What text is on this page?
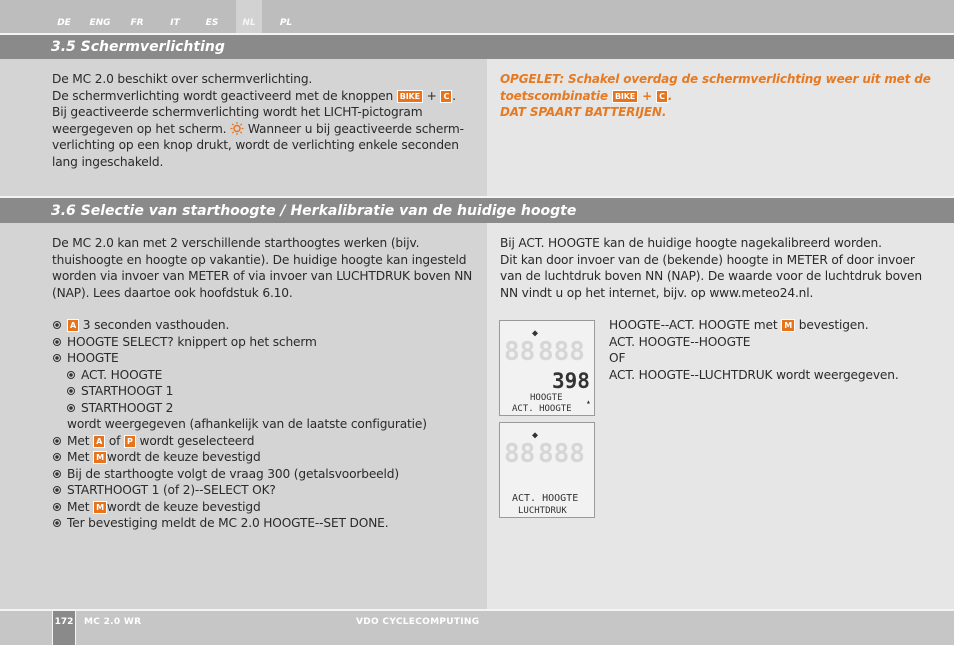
DE	ENG	FR	IT	ES	NL	PL
3.5 Schermverlichting
De MC 2.0 beschikt over schermverlichting.
De schermverlichting wordt geactiveerd met de knoppen BIKE + C .
Bij geactiveerde schermverlichting wordt het LICHT-pictogram
weergegeven op het scherm. Wanneer u bij geactiveerde scherm-
verlichting op een knop drukt, wordt de verlichting enkele seconden
lang ingeschakeld.
OPGELET: Schakel overdag de schermverlichting weer uit met de
toetscombinatie BIKE + C .
DAT SPAART BATTERIJEN.
3.6 Selectie van starthoogte / Herkalibratie van de huidige hoogte
De MC 2.0 kan met 2 verschillende starthoogtes werken (bijv.
thuishoogte en hoogte op vakantie). De huidige hoogte kan ingesteld
worden via invoer van METER of via invoer van LUCHTDRUK boven NN
(NAP). Lees daartoe ook hoofdstuk 6.10.
A 3 seconden vasthouden.
HOOGTE SELECT? knippert op het scherm
HOOGTE
ACT. HOOGTE
STARTHOOGT 1
STARTHOOGT 2
wordt weergegeven (afhankelijk van de laatste configuratie)
Met A of P wordt geselecteerd
Met M wordt de keuze bevestigd
Bij de starthoogte volgt de vraag 300 (getalsvoorbeeld)
STARTHOOGT 1 (of 2)--SELECT OK?
Met M wordt de keuze bevestigd
Ter bevestiging meldt de MC 2.0 HOOGTE--SET DONE.
Bij ACT. HOOGTE kan de huidige hoogte nagekalibreerd worden.
Dit kan door invoer van de (bekende) hoogte in METER of door invoer
van de luchtdruk boven NN (NAP). De waarde voor de luchtdruk boven
NN vindt u op het internet, bijv. op www.meteo24.nl.
HOOGTE--ACT. HOOGTE met M bevestigen.
ACT. HOOGTE--HOOGTE
OF
ACT. HOOGTE--LUCHTDRUK wordt weergegeven.
◆
88 888
398
HOOGTE
ACT. HOOGTE
▴
◆
88 888
ACT. HOOGTE
LUCHTDRUK
172 MC 2.0 WR	VDO CYCLECOMPUTING
